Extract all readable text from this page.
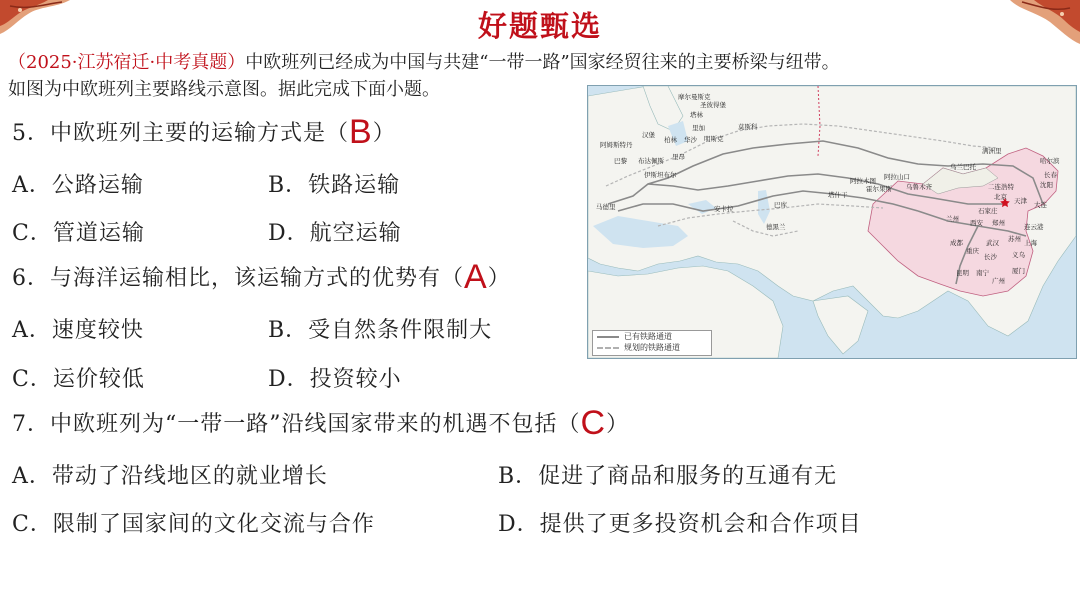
好题甄选
（2025·江苏宿迁·中考真题）中欧班列已经成为中国与共建“一带一路”国家经贸往来的主要桥梁与纽带。
如图为中欧班列主要路线示意图。据此完成下面小题。
5．中欧班列主要的运输方式是（B）
A．公路运输	B．铁路运输
C．管道运输	D．航空运输
6．与海洋运输相比，该运输方式的优势有（A）
A．速度较快	B．受自然条件限制大
C．运价较低	D．投资较小
7．中欧班列为“一带一路”沿线国家带来的机遇不包括（C）
A．带动了沿线地区的就业增长	B．促进了商品和服务的互通有无
C．限制了国家间的文化交流与合作	D．提供了更多投资机会和合作项目
摩尔曼斯克
圣彼得堡
塔林
里加
明斯克
莫斯科
汉堡
柏林 华沙
阿姆斯特丹
巴黎 布达佩斯 里昂
伊斯坦布尔
马德里	安卡拉	巴库
德黑兰
塔什干
阿拉木图
霍尔果斯
阿拉山口
乌鲁木齐
乌兰巴托
满洲里
哈尔滨
长春
沈阳
二连浩特
北京 天津 大连
石家庄
郑州
西安
兰州
连云港
成都
重庆
武汉 苏州 上海
长沙 义乌
昆明 南宁	厦门
广州
已有铁路通道
规划的铁路通道
